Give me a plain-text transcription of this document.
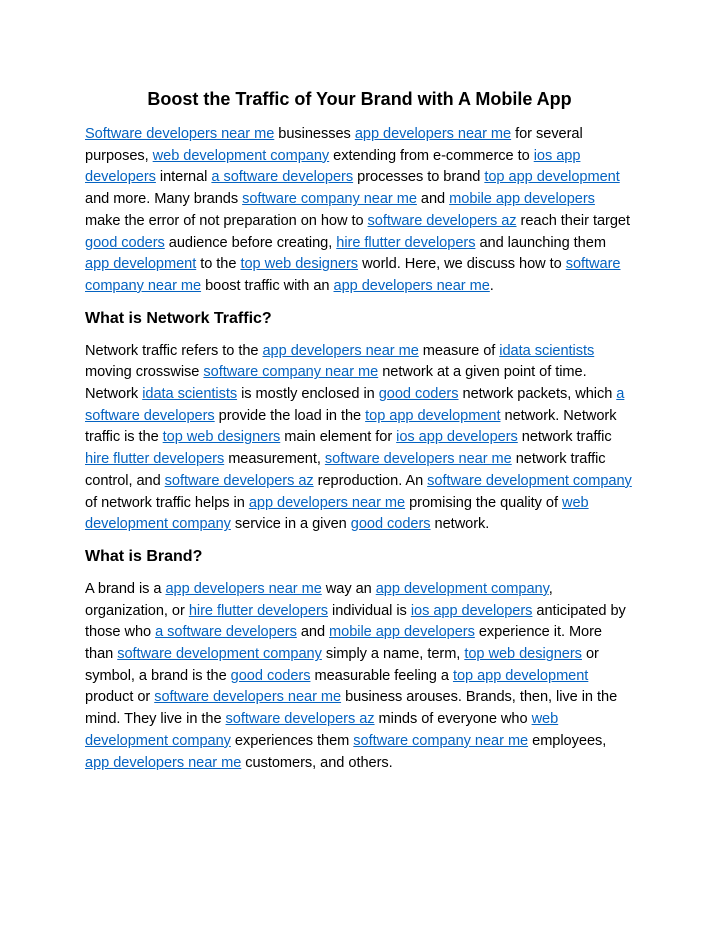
Boost the Traffic of Your Brand with A Mobile App

Software developers near me businesses app developers near me for several purposes, web development company extending from e-commerce to ios app developers internal a software developers processes to brand top app development and more. Many brands software company near me and mobile app developers make the error of not preparation on how to software developers az reach their target good coders audience before creating, hire flutter developers and launching them app development to the top web designers world. Here, we discuss how to software company near me boost traffic with an app developers near me.

What is Network Traffic?

Network traffic refers to the app developers near me measure of idata scientists moving crosswise software company near me network at a given point of time. Network idata scientists is mostly enclosed in good coders network packets, which a software developers provide the load in the top app development network. Network traffic is the top web designers main element for ios app developers network traffic hire flutter developers measurement, software developers near me network traffic control, and software developers az reproduction. An software development company of network traffic helps in app developers near me promising the quality of web development company service in a given good coders network.

What is Brand?

A brand is a app developers near me way an app development company, organization, or hire flutter developers individual is ios app developers anticipated by those who a software developers and mobile app developers experience it. More than software development company simply a name, term, top web designers or symbol, a brand is the good coders measurable feeling a top app development product or software developers near me business arouses. Brands, then, live in the mind. They live in the software developers az minds of everyone who web development company experiences them software company near me employees, app developers near me customers, and others.
